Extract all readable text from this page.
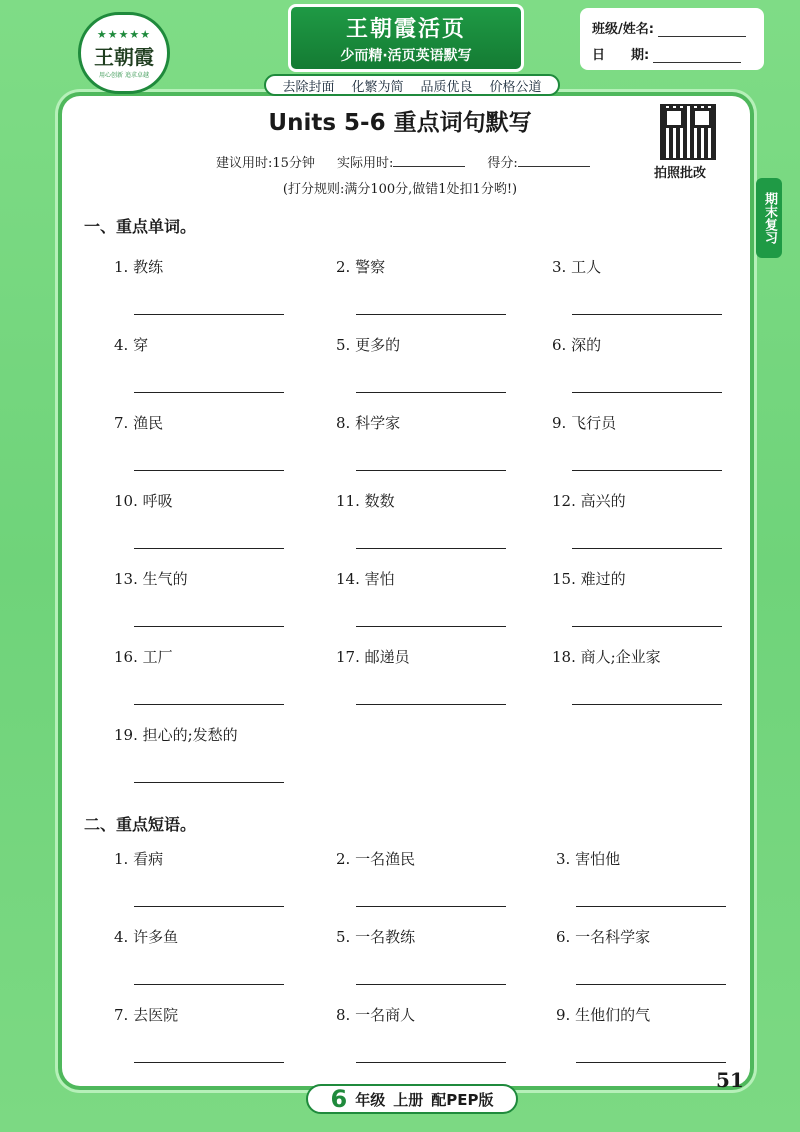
★★★★★
王朝霞
用心创新 追求卓越
王朝霞活页
少而精·活页英语默写
去除封面 化繁为简 品质优良 价格公道
班级/姓名:
日　　期:
拍照批改
期末复习
Units 5-6 重点词句默写
建议用时:15分钟 实际用时:	得分:
(打分规则:满分100分,做错1处扣1分哟!)
一、重点单词。
1. 教练	2. 警察	3. 工人
4. 穿	5. 更多的	6. 深的
7. 渔民	8. 科学家	9. 飞行员
10. 呼吸	11. 数数	12. 高兴的
13. 生气的	14. 害怕	15. 难过的
16. 工厂	17. 邮递员	18. 商人;企业家
19. 担心的;发愁的
二、重点短语。
1. 看病	2. 一名渔民	3. 害怕他
4. 许多鱼	5. 一名教练	6. 一名科学家
7. 去医院	8. 一名商人	9. 生他们的气
6 年级 上册 配PEP版
51
